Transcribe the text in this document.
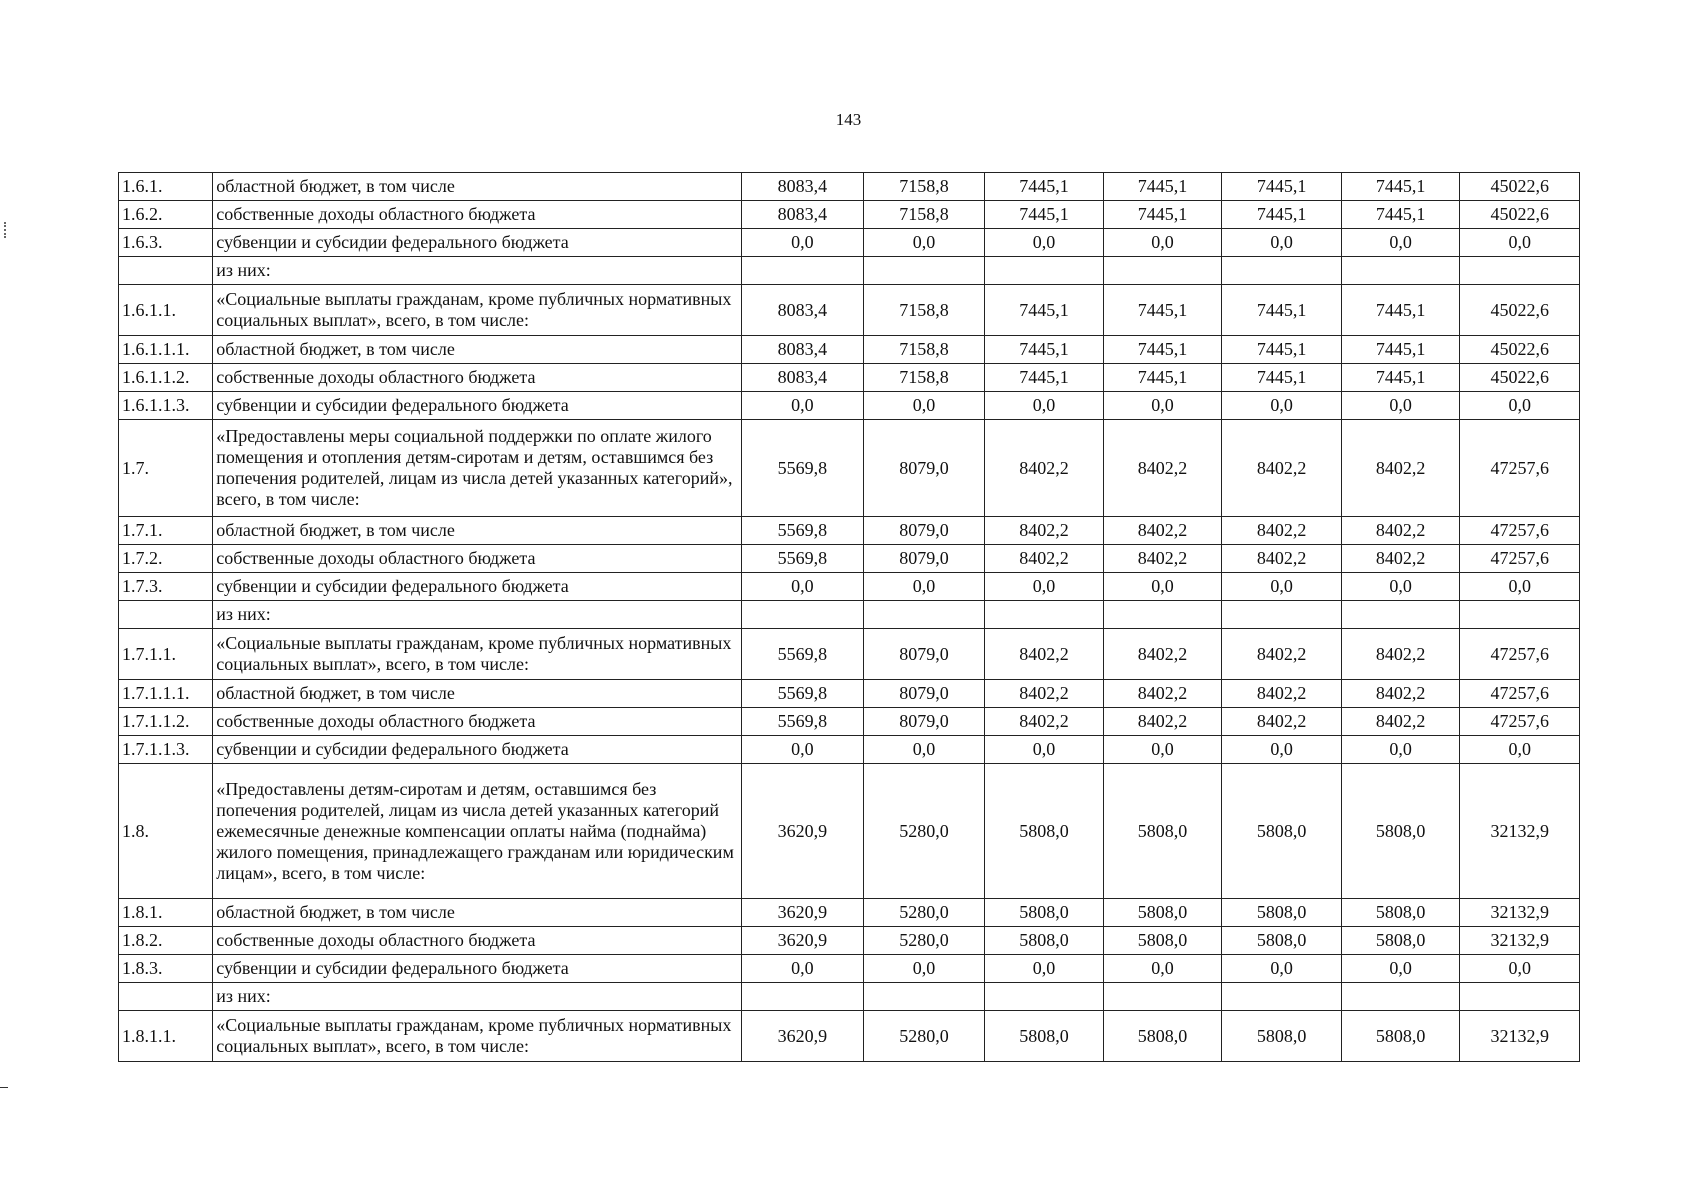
143
1.6.1.	областной бюджет, в том числе	8083,4	7158,8	7445,1	7445,1	7445,1	7445,1	45022,6
1.6.2.	собственные доходы областного бюджета	8083,4	7158,8	7445,1	7445,1	7445,1	7445,1	45022,6
1.6.3.	субвенции и субсидии федерального бюджета	0,0	0,0	0,0	0,0	0,0	0,0	0,0
	из них:							
1.6.1.1.	«Социальные выплаты гражданам, кроме публичных нормативных социальных выплат», всего, в том числе:	8083,4	7158,8	7445,1	7445,1	7445,1	7445,1	45022,6
1.6.1.1.1.	областной бюджет, в том числе	8083,4	7158,8	7445,1	7445,1	7445,1	7445,1	45022,6
1.6.1.1.2.	собственные доходы областного бюджета	8083,4	7158,8	7445,1	7445,1	7445,1	7445,1	45022,6
1.6.1.1.3.	субвенции и субсидии федерального бюджета	0,0	0,0	0,0	0,0	0,0	0,0	0,0
1.7.	«Предоставлены меры социальной поддержки по оплате жилого помещения и отопления детям-сиротам и детям, оставшимся без попечения родителей, лицам из числа детей указанных категорий», всего, в том числе:	5569,8	8079,0	8402,2	8402,2	8402,2	8402,2	47257,6
1.7.1.	областной бюджет, в том числе	5569,8	8079,0	8402,2	8402,2	8402,2	8402,2	47257,6
1.7.2.	собственные доходы областного бюджета	5569,8	8079,0	8402,2	8402,2	8402,2	8402,2	47257,6
1.7.3.	субвенции и субсидии федерального бюджета	0,0	0,0	0,0	0,0	0,0	0,0	0,0
	из них:							
1.7.1.1.	«Социальные выплаты гражданам, кроме публичных нормативных социальных выплат», всего, в том числе:	5569,8	8079,0	8402,2	8402,2	8402,2	8402,2	47257,6
1.7.1.1.1.	областной бюджет, в том числе	5569,8	8079,0	8402,2	8402,2	8402,2	8402,2	47257,6
1.7.1.1.2.	собственные доходы областного бюджета	5569,8	8079,0	8402,2	8402,2	8402,2	8402,2	47257,6
1.7.1.1.3.	субвенции и субсидии федерального бюджета	0,0	0,0	0,0	0,0	0,0	0,0	0,0
1.8.	«Предоставлены детям-сиротам и детям, оставшимся без попечения родителей, лицам из числа детей указанных категорий ежемесячные денежные компенсации оплаты найма (поднайма) жилого помещения, принадлежащего гражданам или юридическим лицам», всего, в том числе:	3620,9	5280,0	5808,0	5808,0	5808,0	5808,0	32132,9
1.8.1.	областной бюджет, в том числе	3620,9	5280,0	5808,0	5808,0	5808,0	5808,0	32132,9
1.8.2.	собственные доходы областного бюджета	3620,9	5280,0	5808,0	5808,0	5808,0	5808,0	32132,9
1.8.3.	субвенции и субсидии федерального бюджета	0,0	0,0	0,0	0,0	0,0	0,0	0,0
	из них:							
1.8.1.1.	«Социальные выплаты гражданам, кроме публичных нормативных социальных выплат», всего, в том числе:	3620,9	5280,0	5808,0	5808,0	5808,0	5808,0	32132,9
